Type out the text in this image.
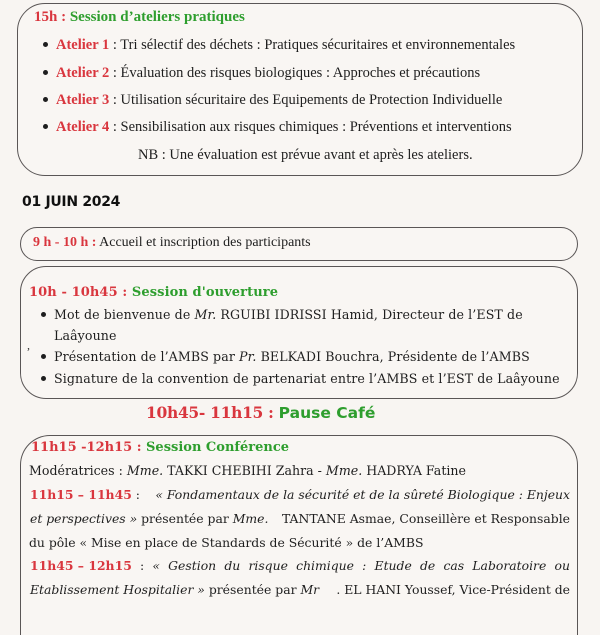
15h : Session d’ateliers pratiques
Atelier 1 : Tri sélectif des déchets : Pratiques sécuritaires et environnementales
Atelier 2 : Évaluation des risques biologiques : Approches et précautions
Atelier 3 : Utilisation sécuritaire des Equipements de Protection Individuelle
Atelier 4 : Sensibilisation aux risques chimiques : Préventions et interventions
NB : Une évaluation est prévue avant et après les ateliers.
01 JUIN 2024
9 h - 10 h : Accueil et inscription des participants
10h - 10h45 : Session d'ouverture
Mot de bienvenue de Mr. RGUIBI IDRISSI Hamid, Directeur de l’EST de
Laâyoune
Présentation de l’AMBS par Pr. BELKADI Bouchra, Présidente de l’AMBS
Signature de la convention de partenariat entre l’AMBS et l’EST de Laâyoune
,
10h45- 11h15 : Pause Café
11h15 -12h15 : Session Conférence
Modératrices : Mme. TAKKI CHEBIHI Zahra - Mme. HADRYA Fatine
11h15 – 11h45 : « Fondamentaux de la sécurité et de la sûreté Biologique : Enjeux
et perspectives » présentée par Mme. TANTANE Asmae, Conseillère et Responsable
du pôle « Mise en place de Standards de Sécurité » de l’AMBS
11h45 – 12h15 : « Gestion du risque chimique : Etude de cas Laboratoire ou
Etablissement Hospitalier » présentée par Mr . EL HANI Youssef, Vice-Président de
